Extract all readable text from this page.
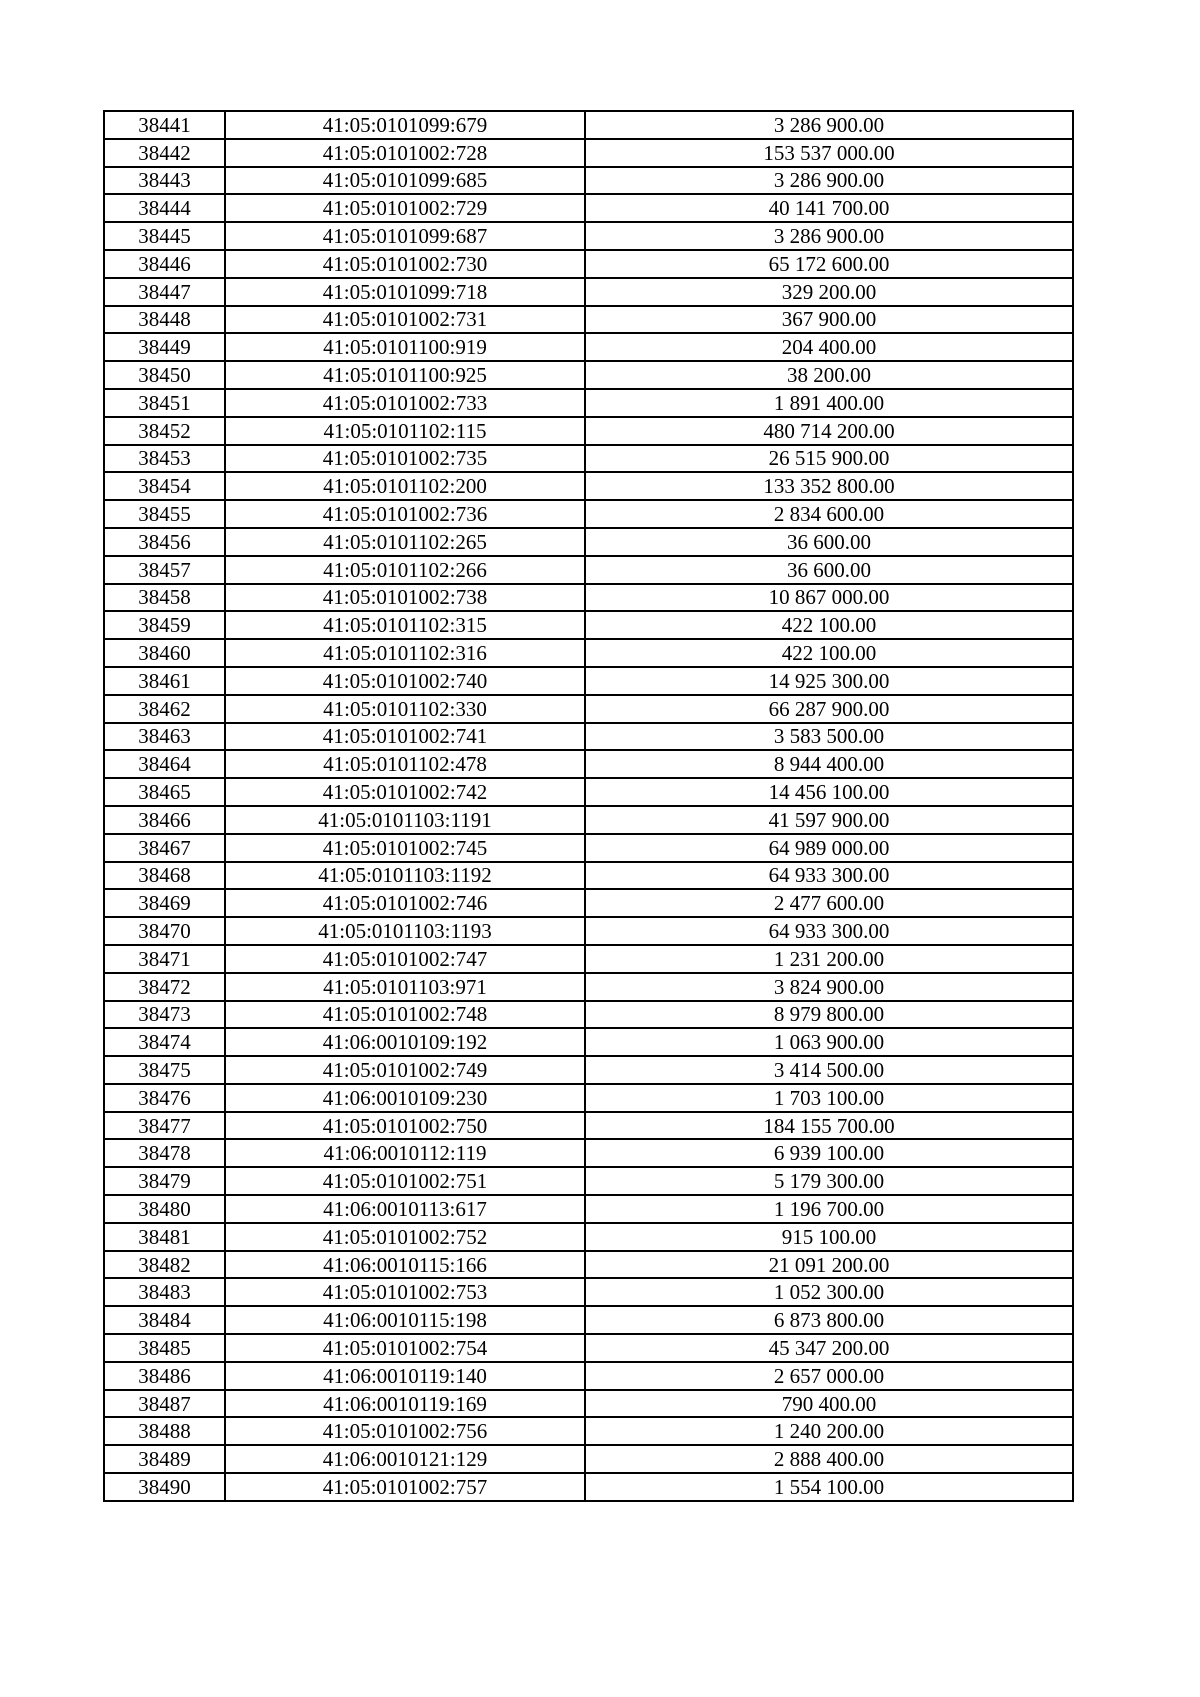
38441	41:05:0101099:679	3 286 900.00
38442	41:05:0101002:728	153 537 000.00
38443	41:05:0101099:685	3 286 900.00
38444	41:05:0101002:729	40 141 700.00
38445	41:05:0101099:687	3 286 900.00
38446	41:05:0101002:730	65 172 600.00
38447	41:05:0101099:718	329 200.00
38448	41:05:0101002:731	367 900.00
38449	41:05:0101100:919	204 400.00
38450	41:05:0101100:925	38 200.00
38451	41:05:0101002:733	1 891 400.00
38452	41:05:0101102:115	480 714 200.00
38453	41:05:0101002:735	26 515 900.00
38454	41:05:0101102:200	133 352 800.00
38455	41:05:0101002:736	2 834 600.00
38456	41:05:0101102:265	36 600.00
38457	41:05:0101102:266	36 600.00
38458	41:05:0101002:738	10 867 000.00
38459	41:05:0101102:315	422 100.00
38460	41:05:0101102:316	422 100.00
38461	41:05:0101002:740	14 925 300.00
38462	41:05:0101102:330	66 287 900.00
38463	41:05:0101002:741	3 583 500.00
38464	41:05:0101102:478	8 944 400.00
38465	41:05:0101002:742	14 456 100.00
38466	41:05:0101103:1191	41 597 900.00
38467	41:05:0101002:745	64 989 000.00
38468	41:05:0101103:1192	64 933 300.00
38469	41:05:0101002:746	2 477 600.00
38470	41:05:0101103:1193	64 933 300.00
38471	41:05:0101002:747	1 231 200.00
38472	41:05:0101103:971	3 824 900.00
38473	41:05:0101002:748	8 979 800.00
38474	41:06:0010109:192	1 063 900.00
38475	41:05:0101002:749	3 414 500.00
38476	41:06:0010109:230	1 703 100.00
38477	41:05:0101002:750	184 155 700.00
38478	41:06:0010112:119	6 939 100.00
38479	41:05:0101002:751	5 179 300.00
38480	41:06:0010113:617	1 196 700.00
38481	41:05:0101002:752	915 100.00
38482	41:06:0010115:166	21 091 200.00
38483	41:05:0101002:753	1 052 300.00
38484	41:06:0010115:198	6 873 800.00
38485	41:05:0101002:754	45 347 200.00
38486	41:06:0010119:140	2 657 000.00
38487	41:06:0010119:169	790 400.00
38488	41:05:0101002:756	1 240 200.00
38489	41:06:0010121:129	2 888 400.00
38490	41:05:0101002:757	1 554 100.00
